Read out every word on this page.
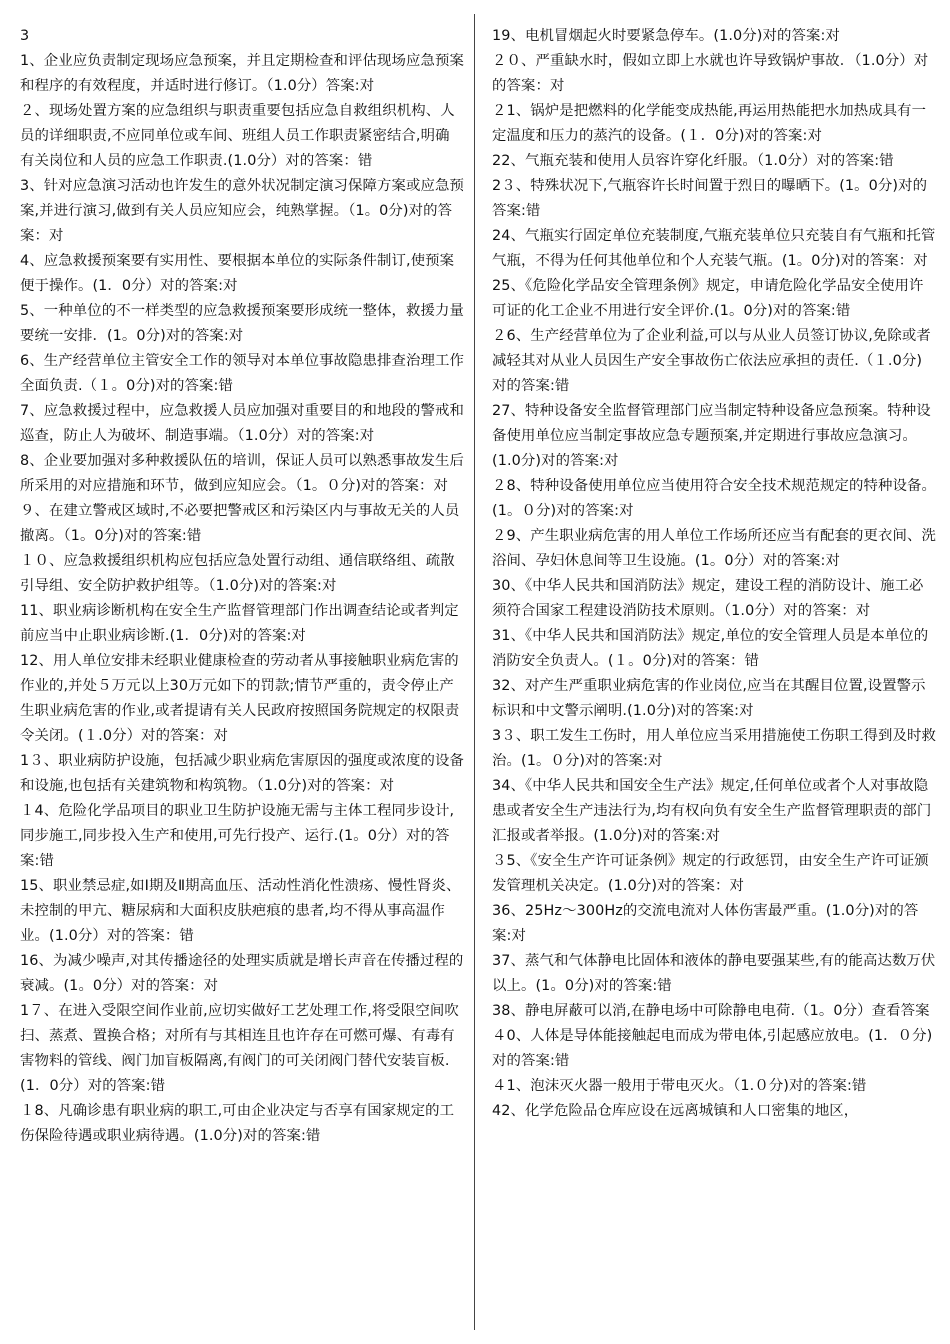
3
1、企业应负责制定现场应急预案，并且定期检查和评估现场应急预案和程序的有效程度，并适时进行修订。（1.0分）答案:对
２、现场处置方案的应急组织与职责重要包括应急自救组织机构、人员的详细职责,不应同单位或车间、班组人员工作职责紧密结合,明确有关岗位和人员的应急工作职责.(1.0分）对的答案：错
3、针对应急演习活动也许发生的意外状况制定演习保障方案或应急预案,并进行演习,做到有关人员应知应会，纯熟掌握。（1。0分)对的答案：对
4、应急救援预案要有实用性、要根据本单位的实际条件制订,使预案便于操作。(1．0分）对的答案:对
5、一种单位的不一样类型的应急救援预案要形成统一整体，救援力量要统一安排．(1。0分)对的答案:对
6、生产经营单位主管安全工作的领导对本单位事故隐患排查治理工作全面负责.（１。0分)对的答案:错
7、应急救援过程中，应急救援人员应加强对重要目的和地段的警戒和巡查，防止人为破坏、制造事端。（1.0分）对的答案:对
8、企业要加强对多种救援队伍的培训，保证人员可以熟悉事故发生后所采用的对应措施和环节，做到应知应会。（1。０分)对的答案：对
９、在建立警戒区域时,不必要把警戒区和污染区内与事故无关的人员撤离。（1。0分)对的答案:错
１０、应急救援组织机构应包括应急处置行动组、通信联络组、疏散引导组、安全防护救护组等。（1.0分)对的答案:对
11、职业病诊断机构在安全生产监督管理部门作出调查结论或者判定前应当中止职业病诊断.(1．0分)对的答案:对
12、用人单位安排未经职业健康检查的劳动者从事接触职业病危害的作业的,并处５万元以上30万元如下的罚款;情节严重的，责令停止产生职业病危害的作业,或者提请有关人民政府按照国务院规定的权限责令关闭。(１.0分）对的答案：对
1３、职业病防护设施，包括减少职业病危害原因的强度或浓度的设备和设施,也包括有关建筑物和构筑物。（1.0分)对的答案：对
１4、危险化学品项目的职业卫生防护设施无需与主体工程同步设计,同步施工,同步投入生产和使用,可先行投产、运行.(1。0分）对的答案:错
15、职业禁忌症,如Ⅰ期及Ⅱ期高血压、活动性消化性溃疡、慢性肾炎、未控制的甲亢、糖尿病和大面积皮肤疤痕的患者,均不得从事高温作业。(1.0分）对的答案：错
16、为减少噪声,对其传播途径的处理实质就是增长声音在传播过程的衰减。(1。0分）对的答案：对
1７、在进入受限空间作业前,应切实做好工艺处理工作,将受限空间吹扫、蒸煮、置换合格；对所有与其相连且也许存在可燃可爆、有毒有害物料的管线、阀门加盲板隔离,有阀门的可关闭阀门替代安装盲板.(1．0分）对的答案:错
１8、凡确诊患有职业病的职工,可由企业决定与否享有国家规定的工伤保险待遇或职业病待遇。(1.0分)对的答案:错
19、电机冒烟起火时要紧急停车。(1.0分)对的答案:对
２０、严重缺水时，假如立即上水就也许导致锅炉事故．（1.0分）对的答案：对
２1、锅炉是把燃料的化学能变成热能,再运用热能把水加热成具有一定温度和压力的蒸汽的设备。(１．0分)对的答案:对
22、气瓶充装和使用人员容许穿化纤服。（1.0分）对的答案:错
2３、特殊状况下,气瓶容许长时间置于烈日的曝晒下。(1。0分)对的答案:错
24、气瓶实行固定单位充装制度,气瓶充装单位只充装自有气瓶和托管气瓶，不得为任何其他单位和个人充装气瓶。(1。0分)对的答案：对
25、《危险化学品安全管理条例》规定，申请危险化学品安全使用许可证的化工企业不用进行安全评价.(1。0分)对的答案:错
２6、生产经营单位为了企业利益,可以与从业人员签订协议,免除或者减轻其对从业人员因生产安全事故伤亡依法应承担的责任.（１.0分)对的答案:错
27、特种设备安全监督管理部门应当制定特种设备应急预案。特种设备使用单位应当制定事故应急专题预案,并定期进行事故应急演习。(1.0分)对的答案:对
２8、特种设备使用单位应当使用符合安全技术规范规定的特种设备。(1。０分)对的答案:对
２9、产生职业病危害的用人单位工作场所还应当有配套的更衣间、洗浴间、孕妇休息间等卫生设施。(1。0分）对的答案:对
30、《中华人民共和国消防法》规定，建设工程的消防设计、施工必须符合国家工程建设消防技术原则。（1.0分）对的答案：对
31、《中华人民共和国消防法》规定,单位的安全管理人员是本单位的消防安全负责人。(１。0分)对的答案：错
32、对产生严重职业病危害的作业岗位,应当在其醒目位置,设置警示标识和中文警示阐明.(1.0分)对的答案:对
3３、职工发生工伤时，用人单位应当采用措施使工伤职工得到及时救治。(1。０分)对的答案:对
34、《中华人民共和国安全生产法》规定,任何单位或者个人对事故隐患或者安全生产违法行为,均有权向负有安全生产监督管理职责的部门汇报或者举报。(1.0分)对的答案:对
３5、《安全生产许可证条例》规定的行政惩罚，由安全生产许可证颁发管理机关决定。(1.0分)对的答案：对
36、25Hz～300Hz的交流电流对人体伤害最严重。(1.0分)对的答案:对
37、蒸气和气体静电比固体和液体的静电要强某些,有的能高达数万伏以上。(1。0分)对的答案:错
38、静电屏蔽可以消,在静电场中可除静电电荷.（1。0分）查看答案
４0、人体是导体能接触起电而成为带电体,引起感应放电。(1．０分)对的答案:错
４1、泡沫灭火器一般用于带电灭火。（1.０分)对的答案:错
42、化学危险品仓库应设在远离城镇和人口密集的地区，
